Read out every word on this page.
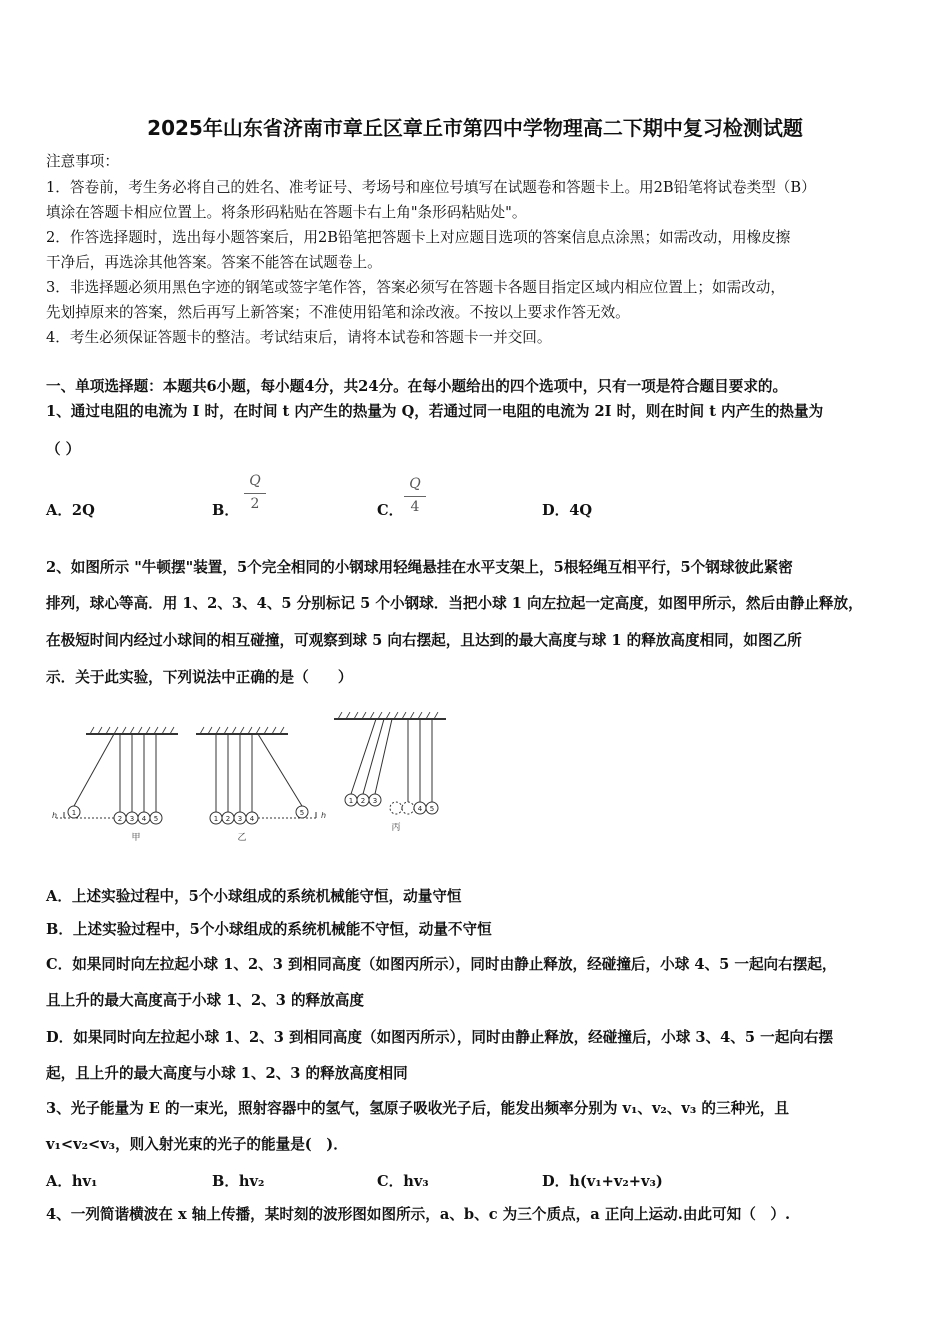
2025年山东省济南市章丘区章丘市第四中学物理高二下期中复习检测试题
注意事项：
1．答卷前，考生务必将自己的姓名、准考证号、考场号和座位号填写在试题卷和答题卡上。用2B铅笔将试卷类型（B）
填涂在答题卡相应位置上。将条形码粘贴在答题卡右上角"条形码粘贴处"。
2．作答选择题时，选出每小题答案后，用2B铅笔把答题卡上对应题目选项的答案信息点涂黑；如需改动，用橡皮擦
干净后，再选涂其他答案。答案不能答在试题卷上。
3．非选择题必须用黑色字迹的钢笔或签字笔作答，答案必须写在答题卡各题目指定区域内相应位置上；如需改动，
先划掉原来的答案，然后再写上新答案；不准使用铅笔和涂改液。不按以上要求作答无效。
4．考生必须保证答题卡的整洁。考试结束后，请将本试卷和答题卡一并交回。
一、单项选择题：本题共6小题，每小题4分，共24分。在每小题给出的四个选项中，只有一项是符合题目要求的。
1、通过电阻的电流为 I 时，在时间 t 内产生的热量为 Q，若通过同一电阻的电流为 2I 时，则在时间 t 内产生的热量为
（ ）
A．2Q	B．
Q
2	C．
Q
4	D．4Q
2、如图所示 "牛顿摆"装置，5个完全相同的小钢球用轻绳悬挂在水平支架上，5根轻绳互相平行，5个钢球彼此紧密
排列，球心等高．用 1、2、3、4、5 分别标记 5 个小钢球．当把小球 1 向左拉起一定高度，如图甲所示，然后由静止释放，
在极短时间内经过小球间的相互碰撞，可观察到球 5 向右摆起，且达到的最大高度与球 1 的释放高度相同，如图乙所
示．关于此实验，下列说法中正确的是（　　）
1
2 3 4 5	1 2 3 4
5
1 2 3
4 5
h	h
甲	乙
丙
A．上述实验过程中，5个小球组成的系统机械能守恒，动量守恒
B．上述实验过程中，5个小球组成的系统机械能不守恒，动量不守恒
C．如果同时向左拉起小球 1、2、3 到相同高度（如图丙所示），同时由静止释放，经碰撞后，小球 4、5 一起向右摆起，
且上升的最大高度高于小球 1、2、3 的释放高度
D．如果同时向左拉起小球 1、2、3 到相同高度（如图丙所示），同时由静止释放，经碰撞后，小球 3、4、5 一起向右摆
起，且上升的最大高度与小球 1、2、3 的释放高度相同
3、光子能量为 E 的一束光，照射容器中的氢气，氢原子吸收光子后，能发出频率分别为 v₁、v₂、v₃ 的三种光，且
v₁<v₂<v₃，则入射光束的光子的能量是(　)．
A．hv₁	B．hv₂	C．hv₃	D．h(v₁+v₂+v₃)
4、一列简谐横波在 x 轴上传播，某时刻的波形图如图所示，a、b、c 为三个质点，a 正向上运动.由此可知（　）.
